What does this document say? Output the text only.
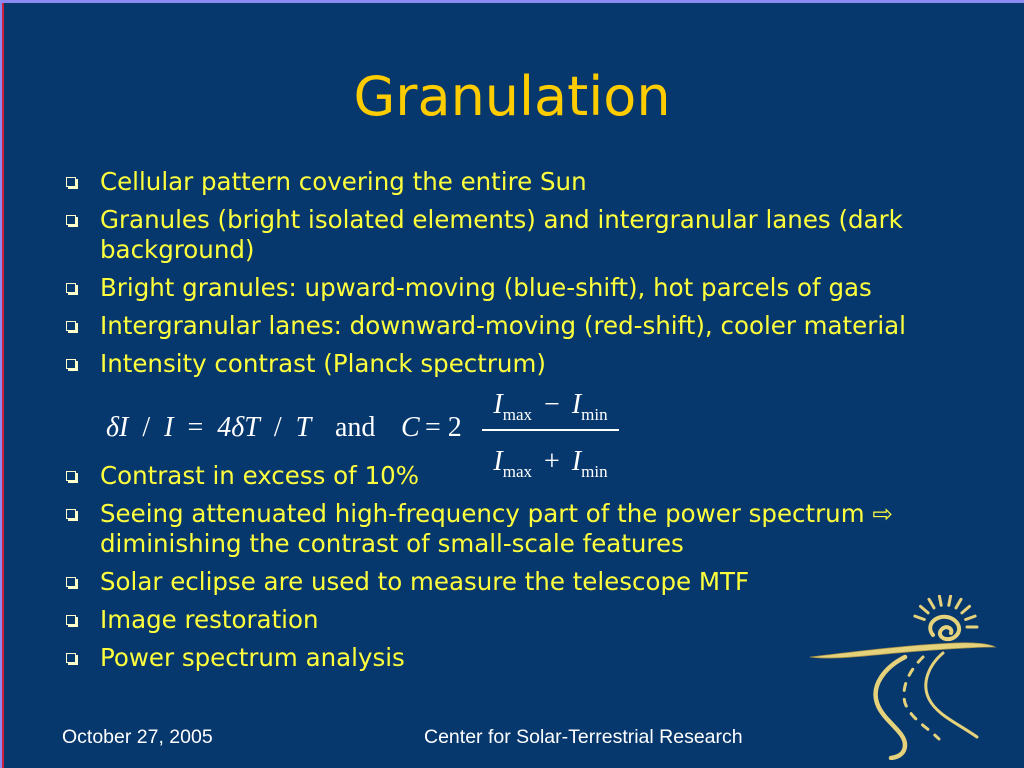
Granulation
Cellular pattern covering the entire Sun
Granules (bright isolated elements) and intergranular lanes (dark
background)
Bright granules: upward-moving (blue-shift), hot parcels of gas
Intergranular lanes: downward-moving (red-shift), cooler material
Intensity contrast (Planck spectrum)
δI / I = 4δT / T and C = 2
$I_{max} - I_{min}$
$I_{max} + I_{min}$
Contrast in excess of 10%
Seeing attenuated high-frequency part of the power spectrum ⇨
diminishing the contrast of small-scale features
Solar eclipse are used to measure the telescope MTF
Image restoration
Power spectrum analysis
October 27, 2005	Center for Solar-Terrestrial Research
